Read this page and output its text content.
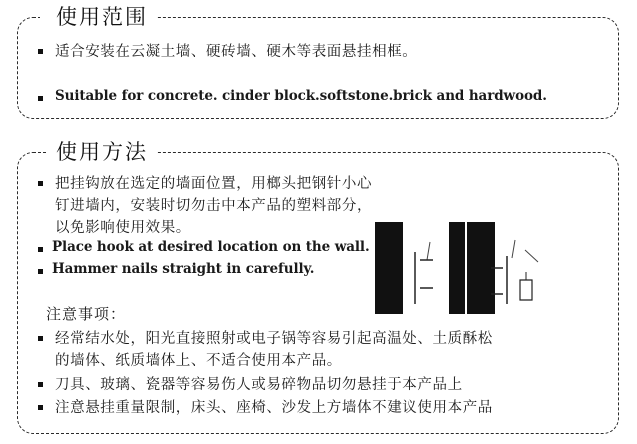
使用范围
适合安装在云凝土墙、硬砖墙、硬木等表面悬挂相框。
Suitable for concrete. cinder block.softstone.brick and hardwood.
使用方法
把挂钩放在选定的墙面位置，用榔头把钢针小心
钉进墙内，安装时切勿击中本产品的塑料部分，
以免影响使用效果。
Place hook at desired location on the wall.
Hammer nails straight in carefully.
注意事项：
经常结水处，阳光直接照射或电子锅等容易引起高温处、土质酥松
的墙体、纸质墙体上、不适合使用本产品。
刀具、玻璃、瓷器等容易伤人或易碎物品切勿悬挂于本产品上
注意悬挂重量限制，床头、座椅、沙发上方墙体不建议使用本产品
